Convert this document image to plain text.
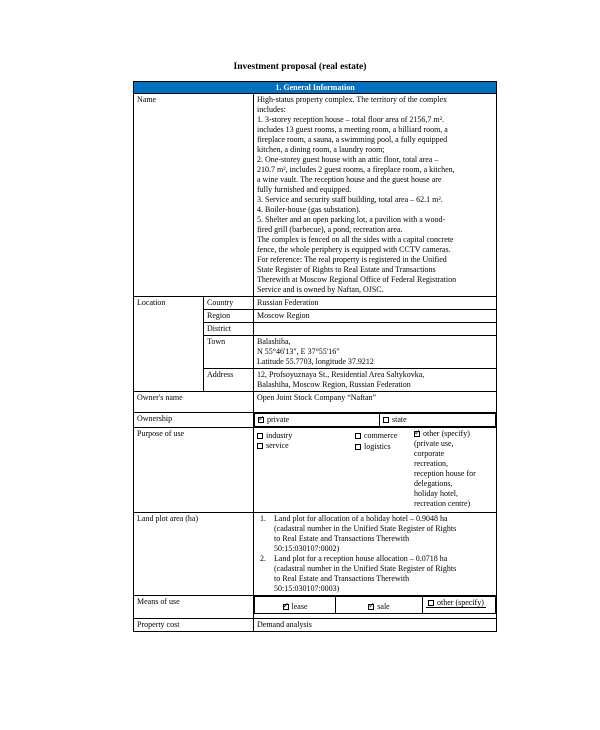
Investment proposal (real estate)
1. General Information
Name	High-status property complex. The territory of the complex
includes:
1. 3-storey reception house – total floor area of 2156,7 m².
includes 13 guest rooms, a meeting room, a billiard room, a
fireplace room, a sauna, a swimming pool, a fully equipped
kitchen, a dining room, a laundry room;
2. One-storey guest house with an attic floor, total area –
210.7 m², includes 2 guest rooms, a fireplace room, a kitchen,
a wine vault. The reception house and the guest house are
fully furnished and equipped.
3. Service and security staff building, total area – 62.1 m².
4. Boiler-house (gas substation).
5. Shelter and an open parking lot, a pavilion with a wood-
fired grill (barbecue), a pond, recreation area.
The complex is fenced on all the sides with a capital concrete
fence, the whole periphery is equipped with CCTV cameras.
For reference: The real property is registered in the Unified
State Register of Rights to Real Estate and Transactions
Therewith at Moscow Regional Office of Federal Registration
Service and is owned by Naftan, OJSC.

Location	Country	Russian Federation
Region	Moscow Region
District	
Town	Balashiha,
N 55°46'13", E 37°55'16"
Latitude 55.7703, longitude 37.9212

Address	12, Profsoyuznaya St., Residential Area Saltykovka,
Balashiha, Moscow Region, Russian Federation

Owner's name	Open Joint Stock Company “Naftan”
Ownership	
✓	private	state

Purpose of use	industry
service
commerce
logistics
✓other (specify)
(private use,
corporate
recreation,
reception house for
delegations,
holiday hotel,
recreation centre)

Land plot area (ha)	1.	Land plot for allocation of a holiday hotel – 0.9048 ha
(cadastral number in the Unified State Register of Rights
to Real Estate and Transactions Therewith
50:15:030107:0002)
2.	Land plot for a reception house allocation – 0.0718 ha
(cadastral number in the Unified State Register of Rights
to Real Estate and Transactions Therewith
50:15:030107:0003)

Means of use	
✓lease	✓sale	other (specify)

Property cost	Demand analysis
